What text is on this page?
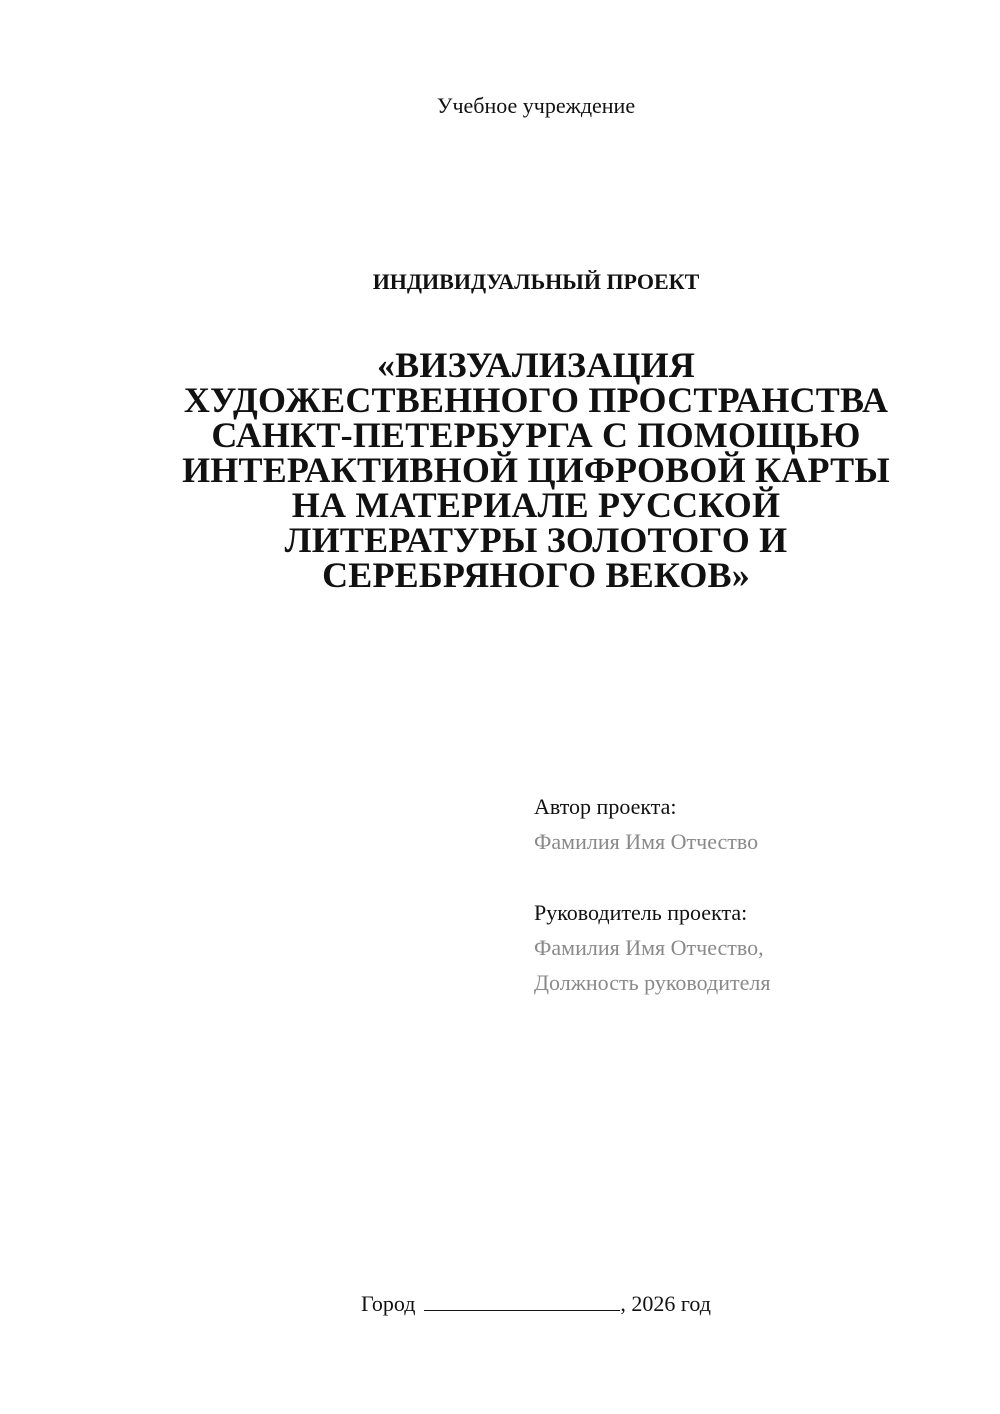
Учебное учреждение
ИНДИВИДУАЛЬНЫЙ ПРОЕКТ
«ВИЗУАЛИЗАЦИЯ
ХУДОЖЕСТВЕННОГО ПРОСТРАНСТВА
САНКТ-ПЕТЕРБУРГА С ПОМОЩЬЮ
ИНТЕРАКТИВНОЙ ЦИФРОВОЙ КАРТЫ
НА МАТЕРИАЛЕ РУССКОЙ
ЛИТЕРАТУРЫ ЗОЛОТОГО И
СЕРЕБРЯНОГО ВЕКОВ»
Автор проекта:
Фамилия Имя Отчество
Руководитель проекта:
Фамилия Имя Отчество,
Должность руководителя
Город	, 2026 год
